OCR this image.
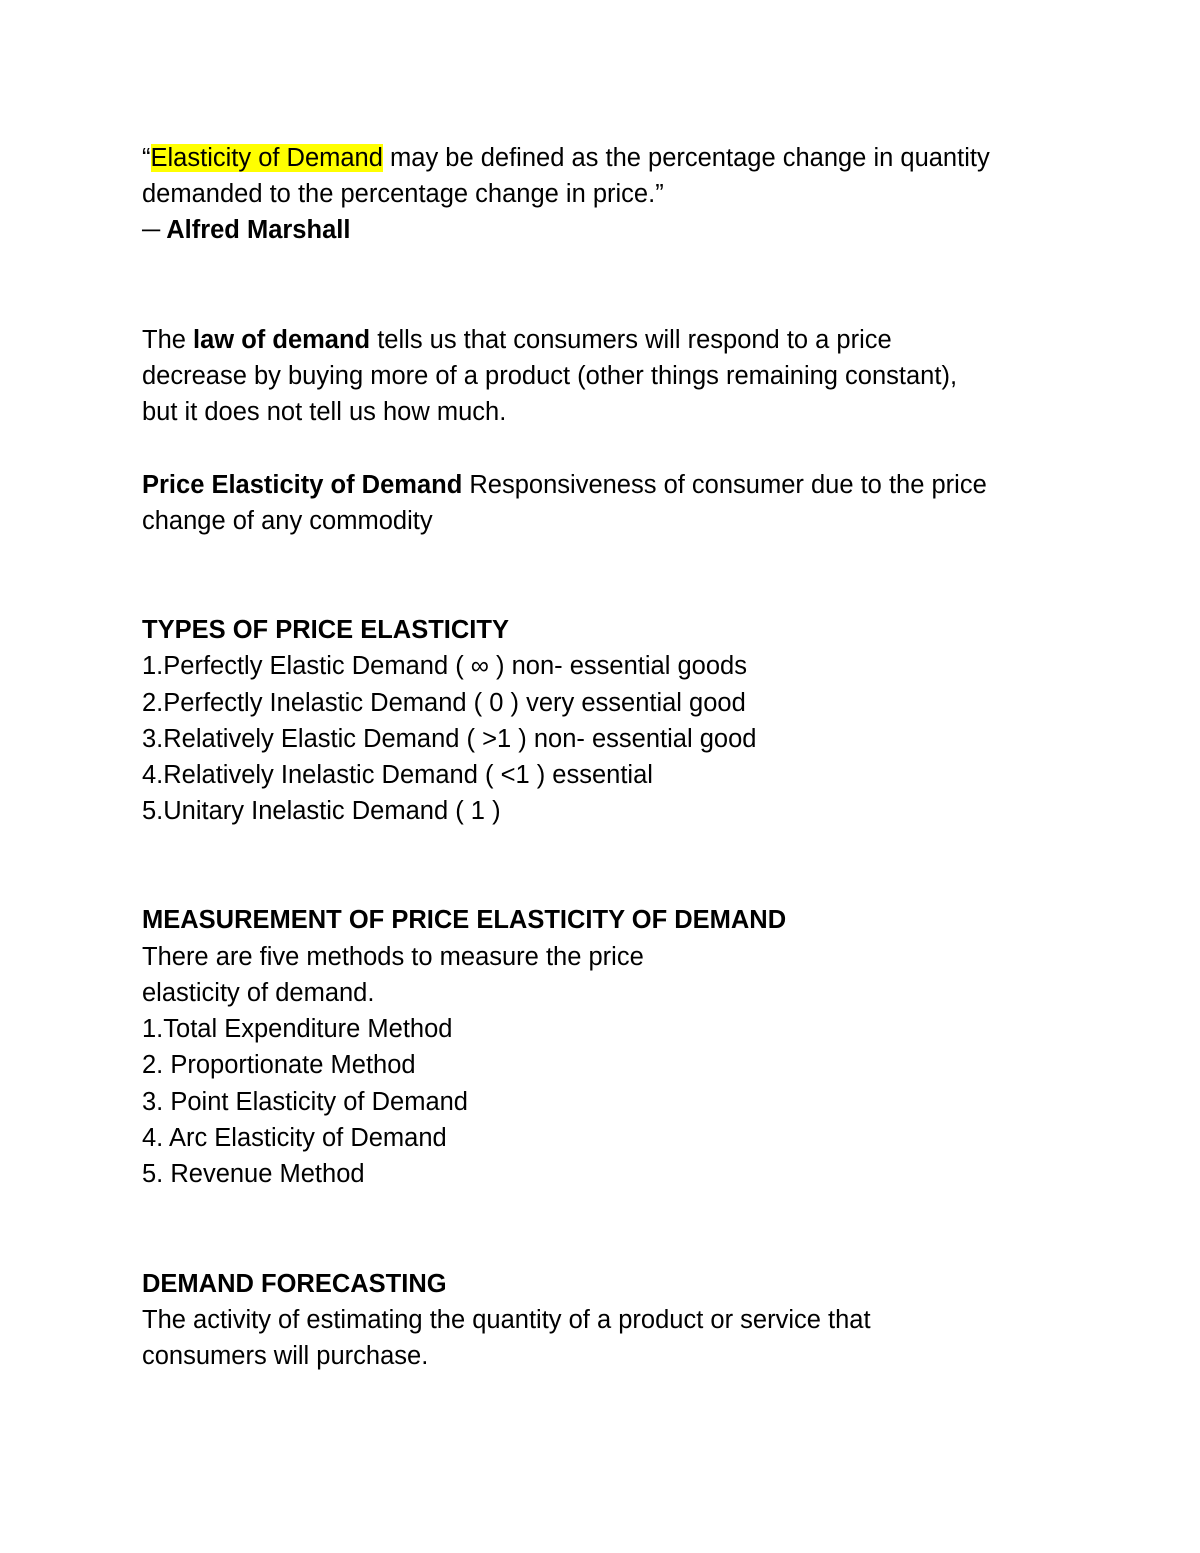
“Elasticity of Demand may be defined as the percentage change in quantity
demanded to the percentage change in price.”
─ Alfred Marshall
The law of demand tells us that consumers will respond to a price
decrease by buying more of a product (other things remaining constant),
but it does not tell us how much.
Price Elasticity of Demand Responsiveness of consumer due to the price
change of any commodity
TYPES OF PRICE ELASTICITY
1.Perfectly Elastic Demand ( ∞ ) non- essential goods
2.Perfectly Inelastic Demand ( 0 ) very essential good
3.Relatively Elastic Demand ( >1 ) non- essential good
4.Relatively Inelastic Demand ( <1 ) essential
5.Unitary Inelastic Demand ( 1 )
MEASUREMENT OF PRICE ELASTICITY OF DEMAND
There are five methods to measure the price
elasticity of demand.
1.Total Expenditure Method
2. Proportionate Method
3. Point Elasticity of Demand
4. Arc Elasticity of Demand
5. Revenue Method
DEMAND FORECASTING
The activity of estimating the quantity of a product or service that
consumers will purchase.
